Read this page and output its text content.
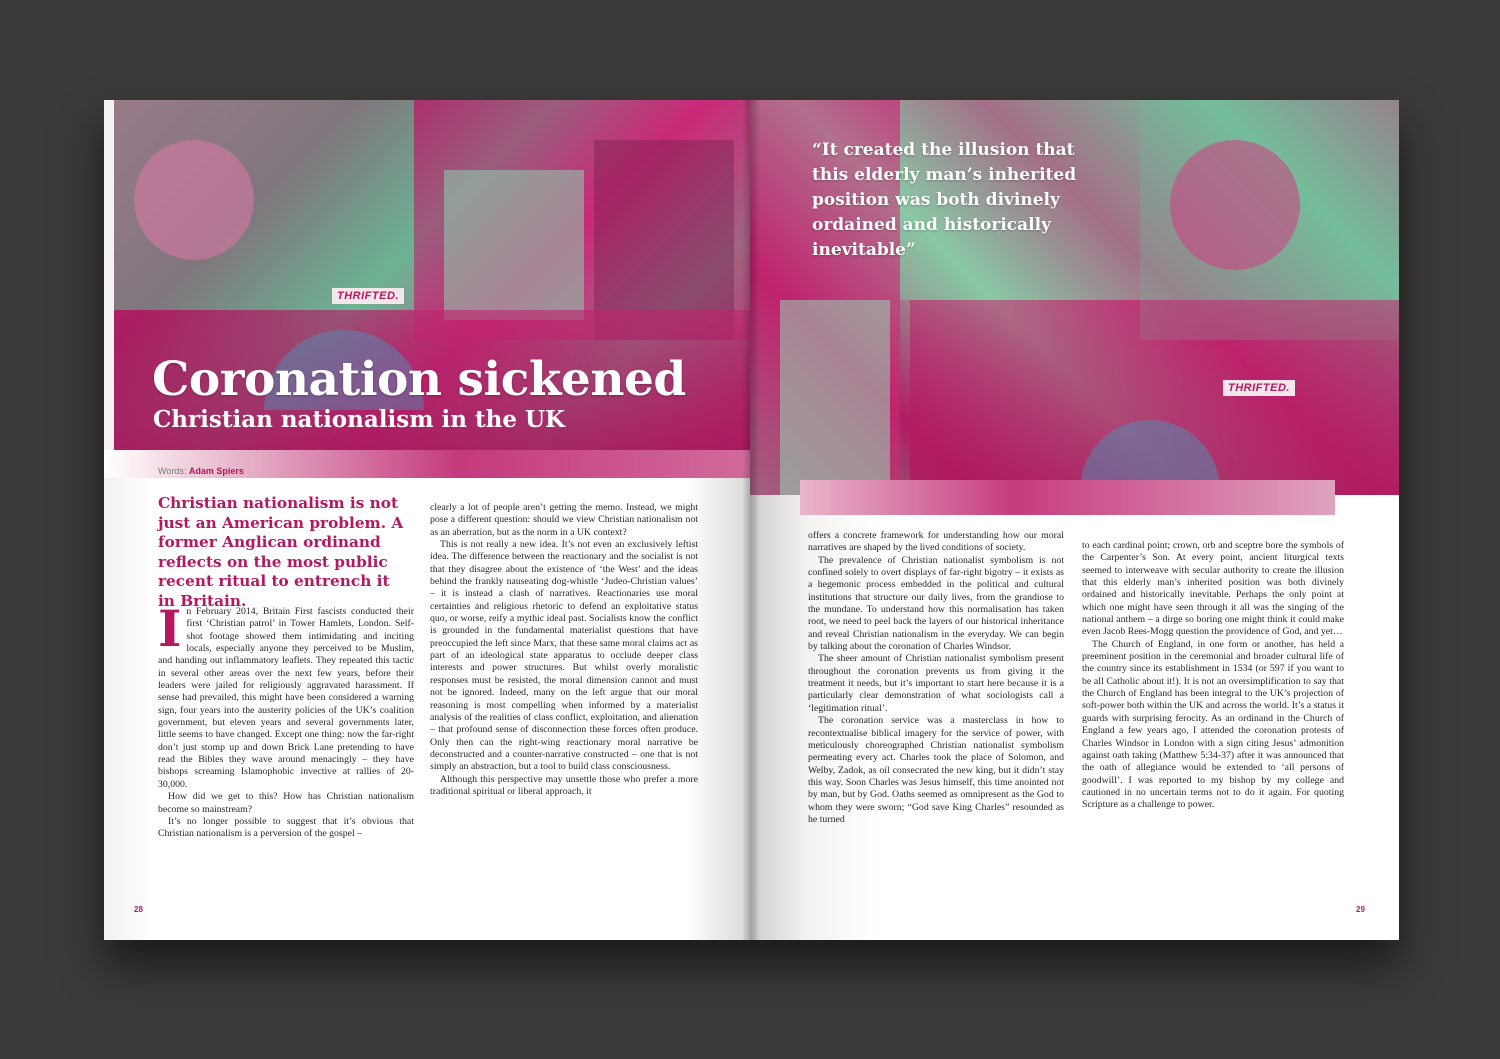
THRIFTED.
Coronation sickened
Christian nationalism in the UK
Words: Adam Spiers

Christian nationalism is not just an American problem. A former Anglican ordinand reflects on the most public recent ritual to entrench it in Britain.

In February 2014, Britain First fascists conducted their first ‘Christian patrol’ in Tower Hamlets, London. Self-shot footage showed them intimidating and inciting locals, especially anyone they perceived to be Muslim, and handing out inflammatory leaflets. They repeated this tactic in several other areas over the next few years, before their leaders were jailed for religiously aggravated harassment. If sense had prevailed, this might have been considered a warning sign, four years into the austerity policies of the UK’s coalition government, but eleven years and several governments later, little seems to have changed. Except one thing: now the far-right don’t just stomp up and down Brick Lane pretending to have read the Bibles they wave around menacingly – they have bishops screaming Islamophobic invective at rallies of 20-30,000.

How did we get to this? How has Christian nationalism become so mainstream?

It’s no longer possible to suggest that it’s obvious that Christian nationalism is a perversion of the gospel –

clearly a lot of people aren’t getting the memo. Instead, we might pose a different question: should we view Christian nationalism not as an aberration, but as the norm in a UK context?

This is not really a new idea. It’s not even an exclusively leftist idea. The difference between the reactionary and the socialist is not that they disagree about the existence of ‘the West’ and the ideas behind the frankly nauseating dog-whistle ‘Judeo-Christian values’ – it is instead a clash of narratives. Reactionaries use moral certainties and religious rhetoric to defend an exploitative status quo, or worse, reify a mythic ideal past. Socialists know the conflict is grounded in the fundamental materialist questions that have preoccupied the left since Marx, that these same moral claims act as part of an ideological state apparatus to occlude deeper class interests and power structures. But whilst overly moralistic responses must be resisted, the moral dimension cannot and must not be ignored. Indeed, many on the left argue that our moral reasoning is most compelling when informed by a materialist analysis of the realities of class conflict, exploitation, and alienation – that profound sense of disconnection these forces often produce. Only then can the right-wing reactionary moral narrative be deconstructed and a counter-narrative constructed – one that is not simply an abstraction, but a tool to build class consciousness.

Although this perspective may unsettle those who prefer a more traditional spiritual or liberal approach, it

28
THRIFTED.

“It created the illusion that this elderly man’s inherited position was both divinely ordained and historically inevitable”

offers a concrete framework for understanding how our moral narratives are shaped by the lived conditions of society.

The prevalence of Christian nationalist symbolism is not confined solely to overt displays of far-right bigotry – it exists as a hegemonic process embedded in the political and cultural institutions that structure our daily lives, from the grandiose to the mundane. To understand how this normalisation has taken root, we need to peel back the layers of our historical inheritance and reveal Christian nationalism in the everyday. We can begin by talking about the coronation of Charles Windsor.

The sheer amount of Christian nationalist symbolism present throughout the coronation prevents us from giving it the treatment it needs, but it’s important to start here because it is a particularly clear demonstration of what sociologists call a ‘legitimation ritual’.

The coronation service was a masterclass in how to recontextualise biblical imagery for the service of power, with meticulously choreographed Christian nationalist symbolism permeating every act. Charles took the place of Solomon, and Welby, Zadok, as oil consecrated the new king, but it didn’t stay this way. Soon Charles was Jesus himself, this time anointed not by man, but by God. Oaths seemed as omnipresent as the God to whom they were sworn; “God save King Charles” resounded as he turned

to each cardinal point; crown, orb and sceptre bore the symbols of the Carpenter’s Son. At every point, ancient liturgical texts seemed to interweave with secular authority to create the illusion that this elderly man’s inherited position was both divinely ordained and historically inevitable. Perhaps the only point at which one might have seen through it all was the singing of the national anthem – a dirge so boring one might think it could make even Jacob Rees-Mogg question the providence of God, and yet…

The Church of England, in one form or another, has held a preeminent position in the ceremonial and broader cultural life of the country since its establishment in 1534 (or 597 if you want to be all Catholic about it!). It is not an oversimplification to say that the Church of England has been integral to the UK’s projection of soft-power both within the UK and across the world. It’s a status it guards with surprising ferocity. As an ordinand in the Church of England a few years ago, I attended the coronation protests of Charles Windsor in London with a sign citing Jesus’ admonition against oath taking (Matthew 5:34-37) after it was announced that the oath of allegiance would be extended to ‘all persons of goodwill’. I was reported to my bishop by my college and cautioned in no uncertain terms not to do it again. For quoting Scripture as a challenge to power.

29
